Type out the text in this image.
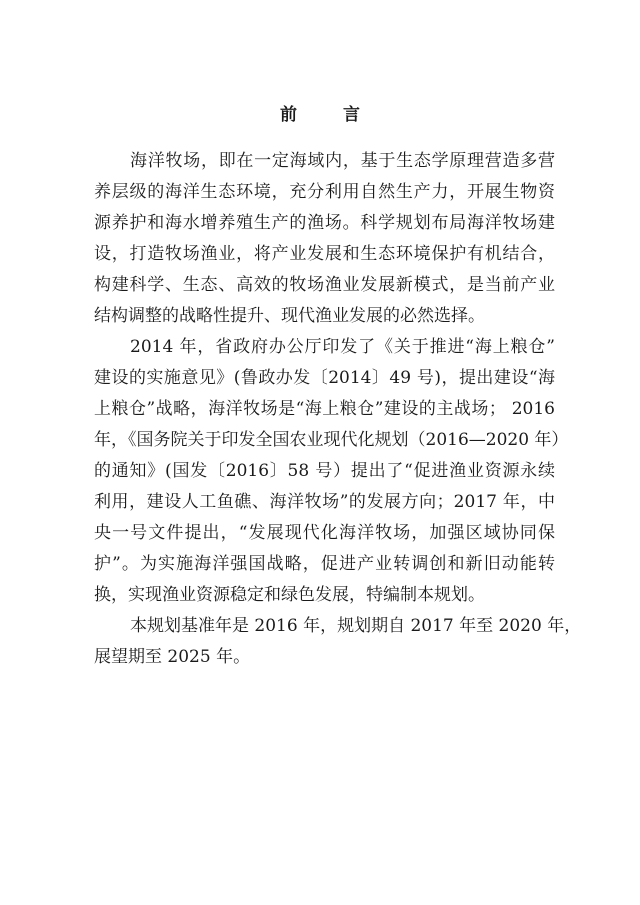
前 言
海洋牧场，即在一定海域内，基于生态学原理营造多营
养层级的海洋生态环境，充分利用自然生产力，开展生物资
源养护和海水增养殖生产的渔场。科学规划布局海洋牧场建
设，打造牧场渔业，将产业发展和生态环境保护有机结合，
构建科学、生态、高效的牧场渔业发展新模式，是当前产业
结构调整的战略性提升、现代渔业发展的必然选择。
2014 年，省政府办公厅印发了《关于推进“海上粮仓”
建设的实施意见》(鲁政办发〔2014〕49 号)，提出建设“海
上粮仓”战略，海洋牧场是“海上粮仓”建设的主战场； 2016
年，《国务院关于印发全国农业现代化规划（2016—2020 年）
的通知》(国发〔2016〕58 号）提出了“促进渔业资源永续
利用，建设人工鱼礁、海洋牧场”的发展方向；2017 年，中
央一号文件提出，“发展现代化海洋牧场，加强区域协同保
护”。为实施海洋强国战略，促进产业转调创和新旧动能转
换，实现渔业资源稳定和绿色发展，特编制本规划。
本规划基准年是 2016 年，规划期自 2017 年至 2020 年，
展望期至 2025 年。
